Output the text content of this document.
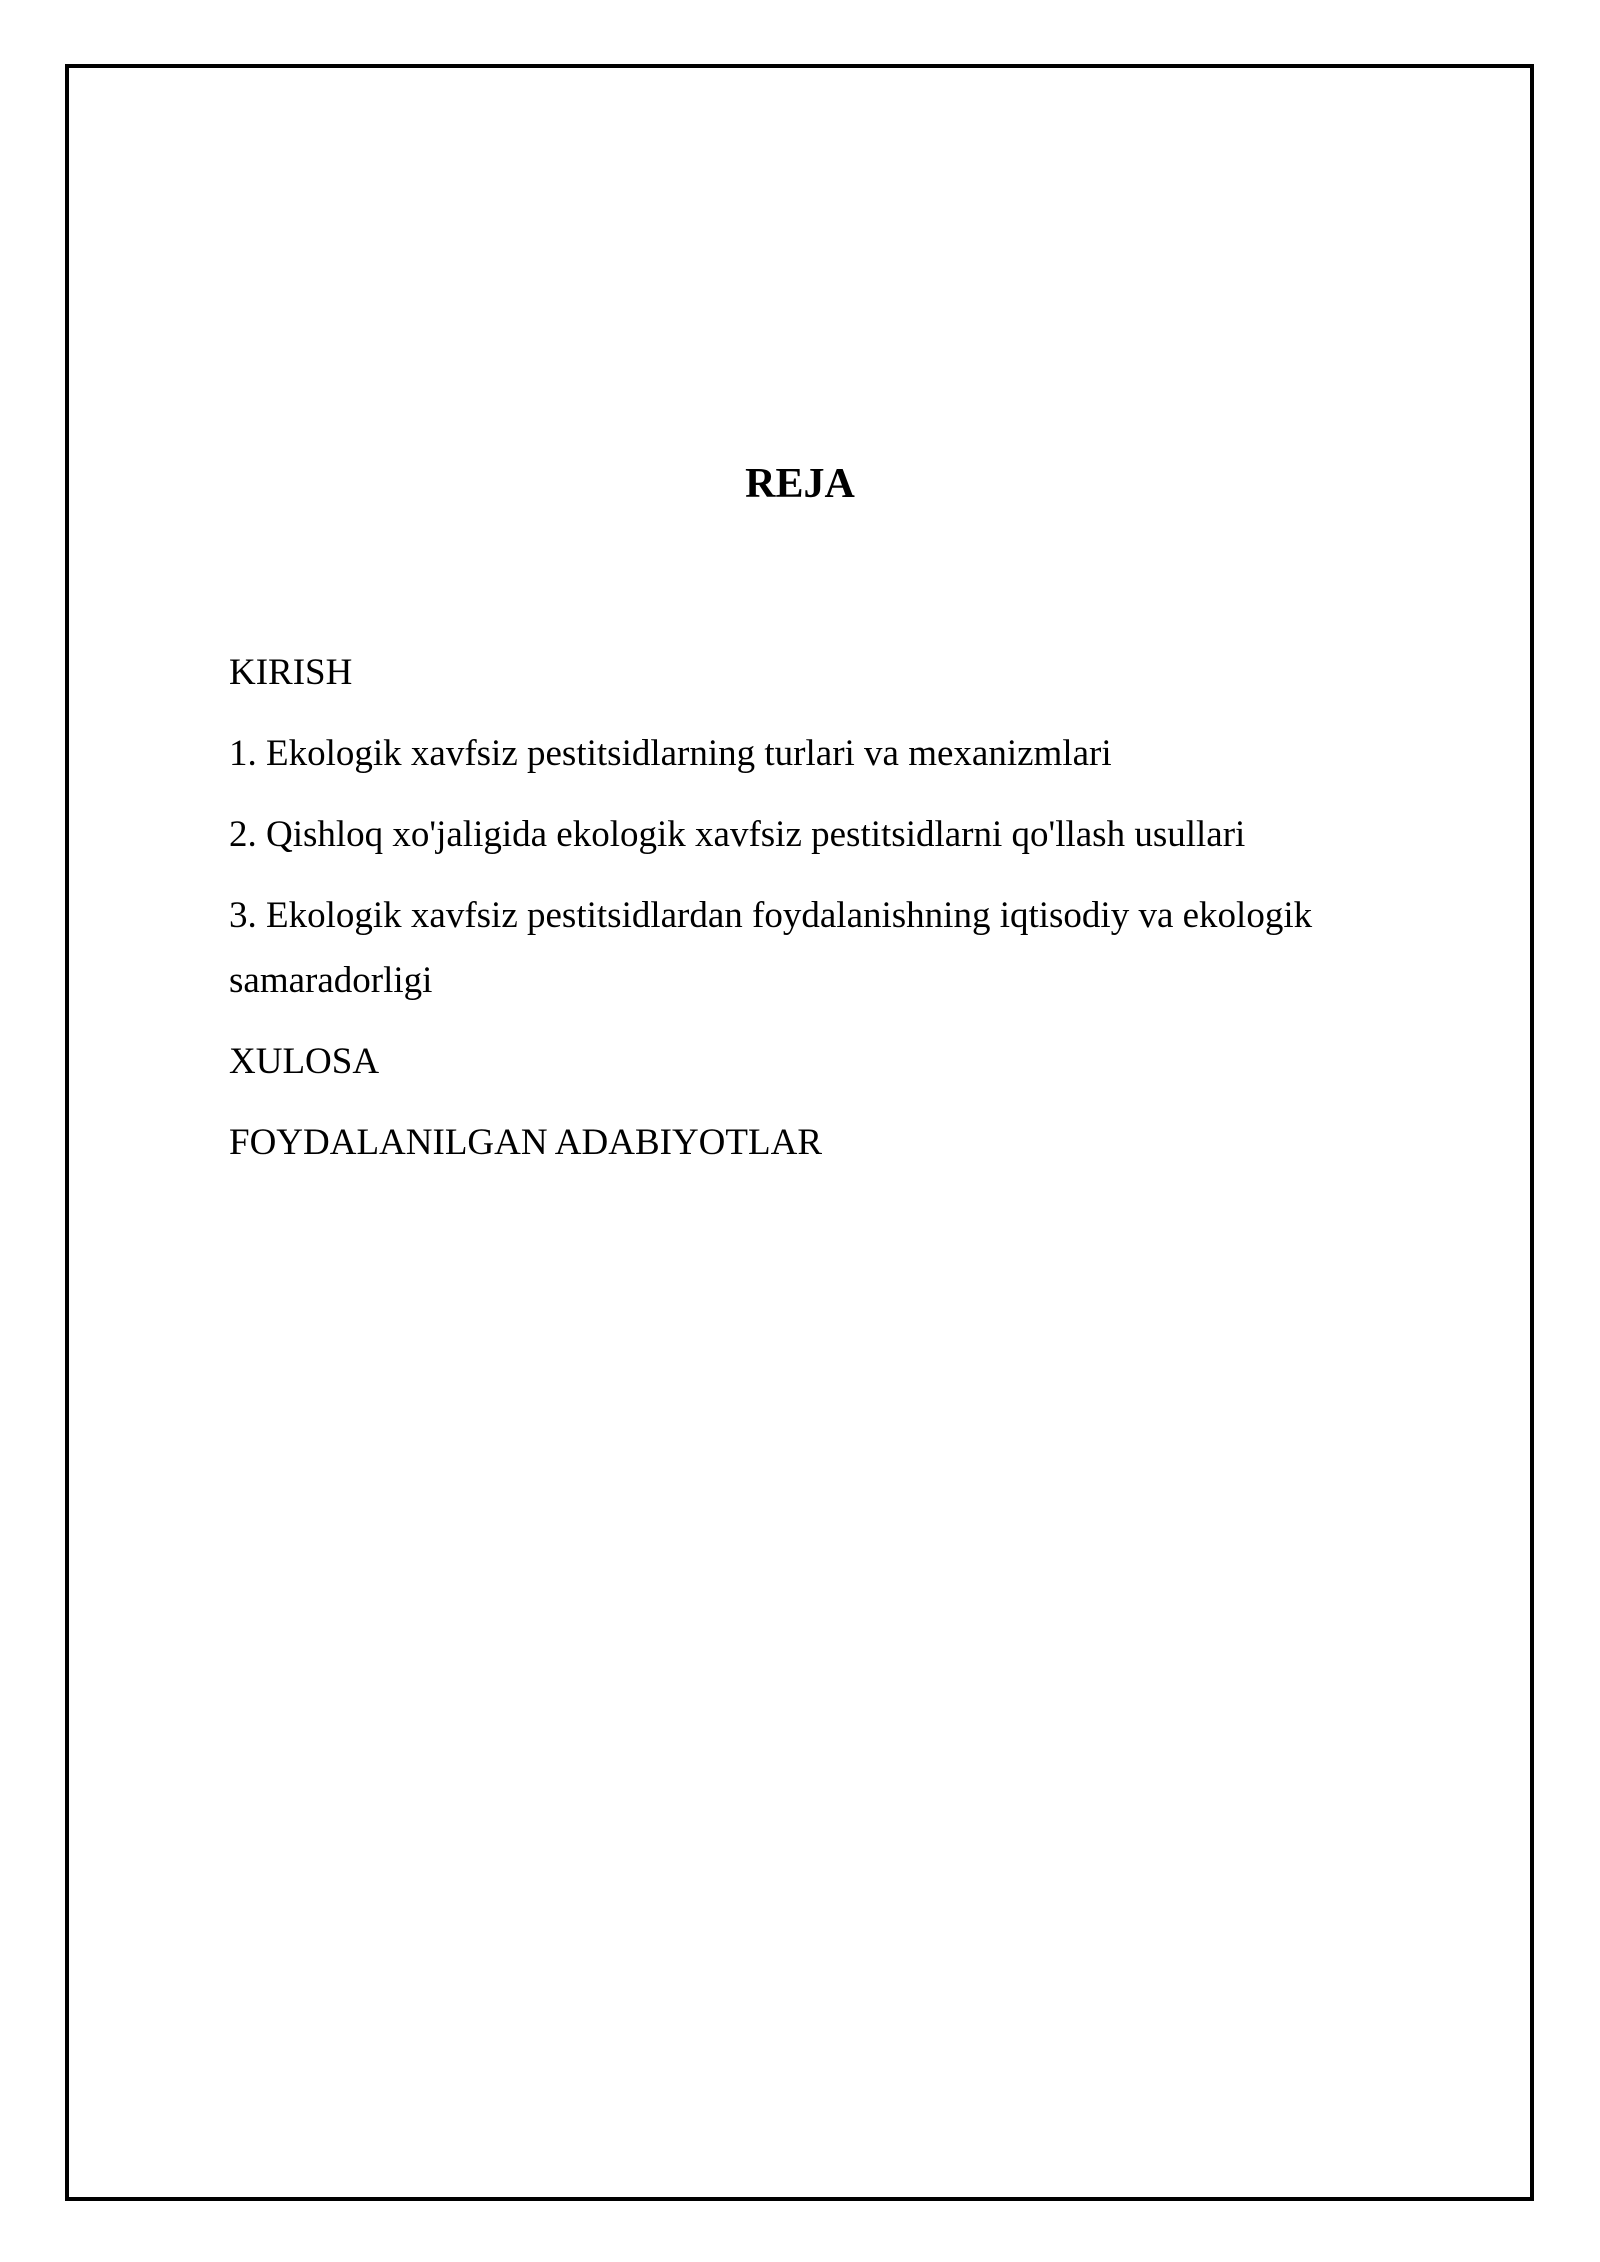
REJA
KIRISH
1. Ekologik xavfsiz pestitsidlarning turlari va mexanizmlari
2. Qishloq xo'jaligida ekologik xavfsiz pestitsidlarni qo'llash usullari
3. Ekologik xavfsiz pestitsidlardan foydalanishning iqtisodiy va ekologik samaradorligi
XULOSA
FOYDALANILGAN ADABIYOTLAR
